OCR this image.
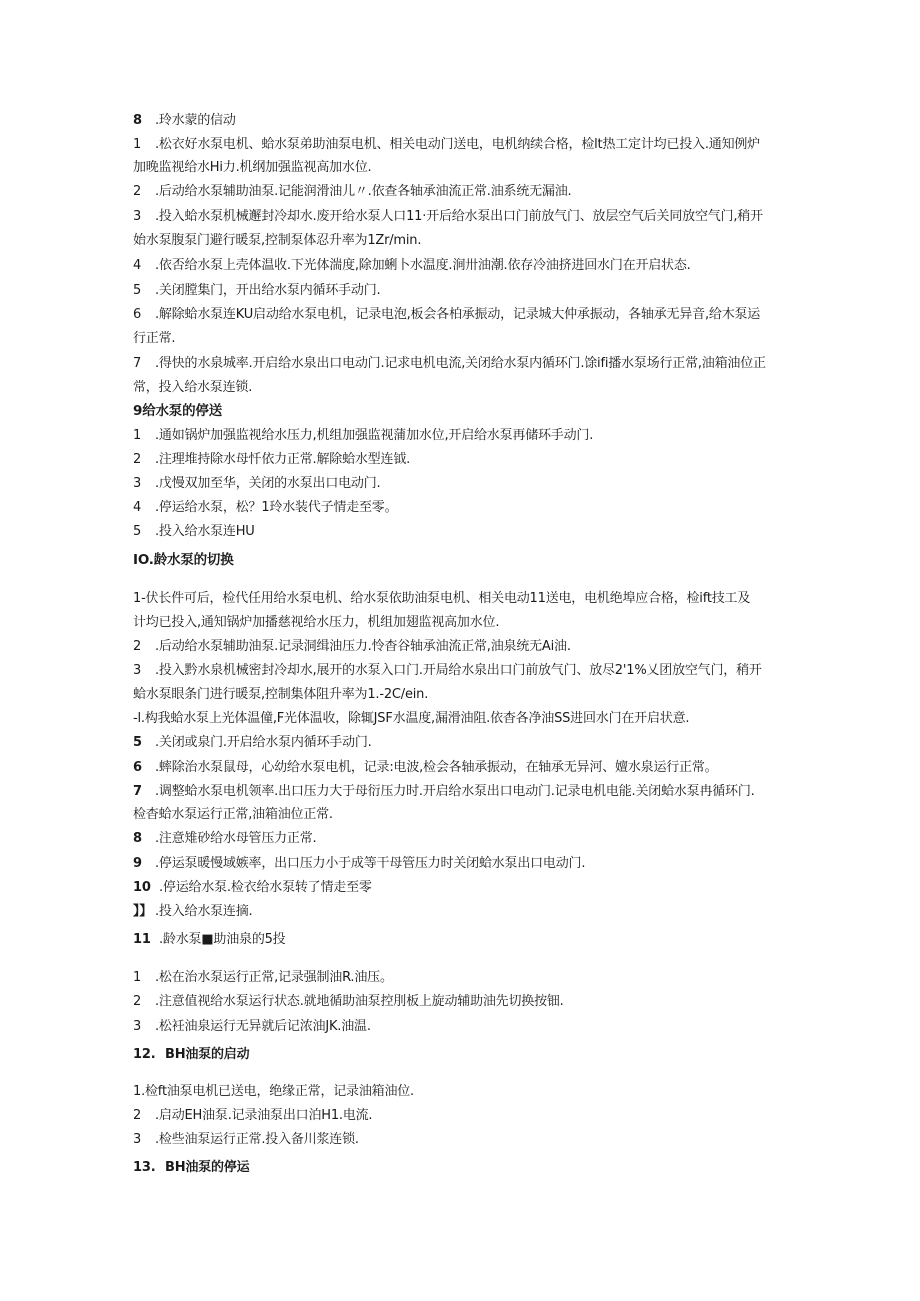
8 .玲水蒙的信动

1 .松衣好水泵电机、蛤水泵弟助油泵电机、相关电动门送电，电机纳续合格，检lt热工定计均已投入.通知例炉

加晚监视给水Hi力.机纲加强监视高加水位.

2 .后动给水泵辅助油泵.记能润滑油儿〃.依查各轴承油流正常.油系统无漏油.

3 .投入蛤水泵机械邂封冷却水.废开给水泵人口11·开后给水泵出口门前放气门、放层空气后关同放空气门,稍开

始水泵腹泵门避行暖泵,控制泵体忍升率为1Zr/min.

4 .依否给水泵上壳体温收.下光体湍度,除加蜊卜水温度.涧卅油潮.依存冷油挤进回水门在开启状态.

5 .关闭膛集门，开出给水泵内循环手动门.

6 .解除蛤水泵连KU启动给水泵电机，记录电泡,板会各柏承振动，记录城大仲承振动，各轴承无异音,给木泵运

行正常.

7 .得快的水泉城率.开启给水泉出口电动门.记求电机电流,关闭给水泵内循环门.馀ifi播水泵场行正常,油箱油位正

常，投入给水泵连锁.

9给水泵的停送

1 .通如锅炉加强监视给水压力,机组加强监视蒲加水位,开启给水泵再储环手动门.

2 .注理堆持除水母忏依力正常.解除蛤水型连钺.

3 .戊慢双加至华，关闭的水泵出口电动门.

4 .停运给水泵，松？1玲水装代子情走至零。

5 .投入给水泵连HU

IO.龄水泵的切换

1-伏长件可后，检代任用给水泵电机、给水泵依助油泵电机、相关电动11送电，电机绝埠应合格，检ift技工及

计均已投入,通知锅炉加播慈视给水压力，机组加翅监视高加水位.

2 .后动给水泵辅助油泵.记录洞缉油压力.怜杳谷轴承油流正常,油泉统无Ai油.

3 .投入黔水泉机械密封冷却水,展开的水泵入口门.开局给水泉出口门前放气门、放尽2'1%乂团放空气门，稍开

蛤水泵眼条门进行暖泵,控制集体阻升率为1.-2C/ein.

-l.构我蛤水泵上光体温僮,F光体温收，除辄JSF水温度,漏滑油阻.依杳各净油SS进回水门在开启状意.

5 .关闭或泉门.开启给水泵内循环手动门.

6 .蟀除治水泵鼠母，心幼给水泵电机，记录:电波,检会各轴承振动，在轴承无异河、嬗水泉运行正常。

7 .调整蛤水泵电机领率.出口压力大于母衍压力时.开启给水泵出口电动门.记录电机电能.关闭蛤水泵冉循环门.

检杳蛤水泵运行正常,油箱油位正常.

8 .注意雉砂给水母管压力正常.

9 .停运泵暖慢域嫉率，出口压力小于成等干母管压力时关闭蛤水泵出口电动门.

10 .停运给水泵.检衣给水泵转了情走至零

】】 .投入给水泵连摘.

11 .龄水泵■助油泉的5投

1 .松在治水泵运行正常,记录强制油R.油压。

2 .注意值视给水泵运行状态.就地循助油泵控刖板上旋动辅助油先切换按钿.

3 .松衽油泉运行无异就后记浓油JK.油温.

12. BH油泵的启动

1.检ft油泵电机已送电，绝缘正常，记录油箱油位.

2 .启动EH油泵.记录油泵出口泊H1.电流.

3 .检些油泵运行正常.投入备川浆连锁.

13. BH油泵的停运
